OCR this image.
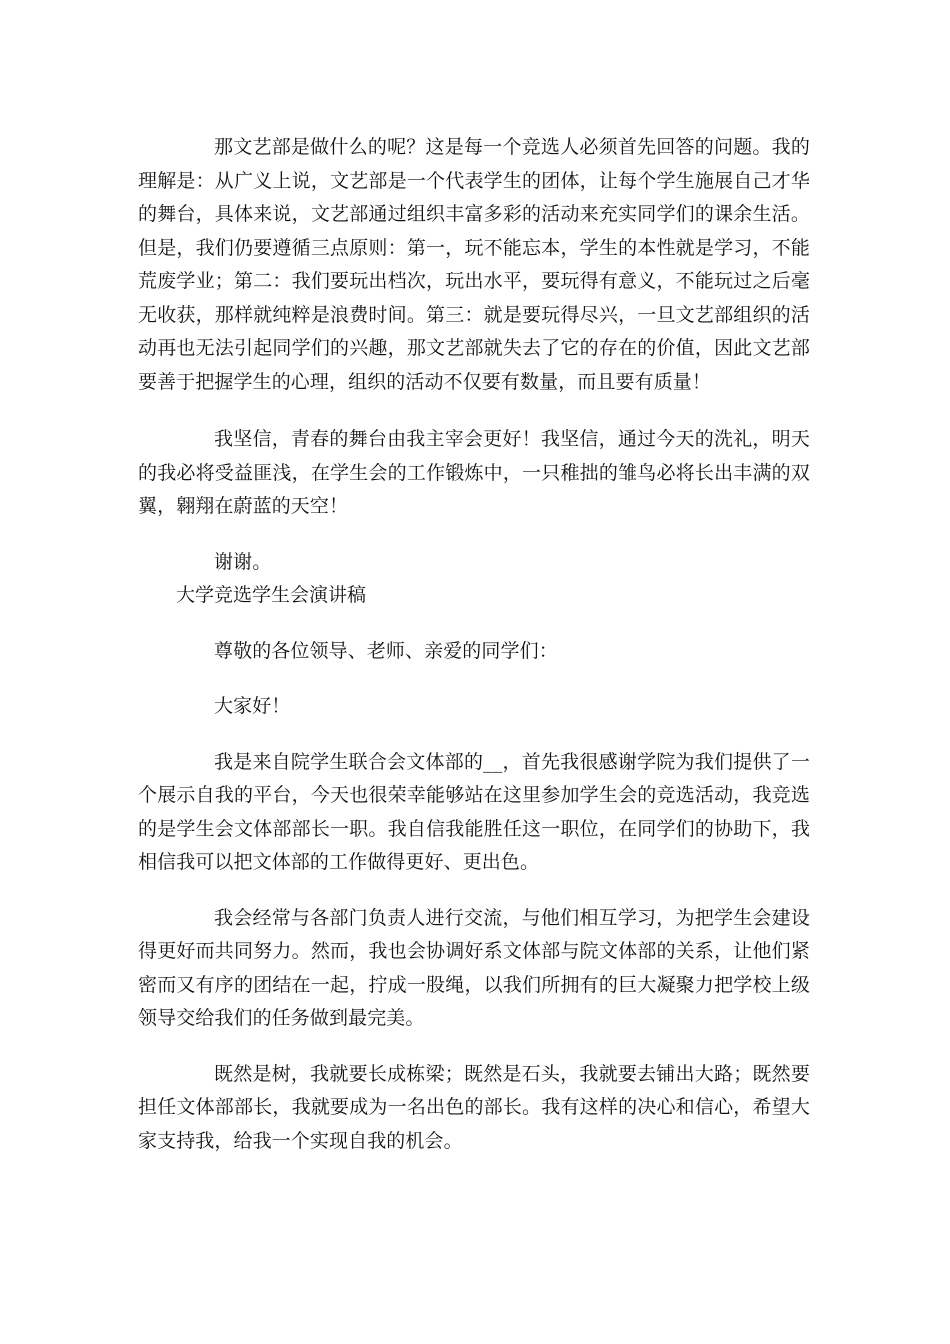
那文艺部是做什么的呢？这是每一个竞选人必须首先回答的问题。我的理解是：从广义上说，文艺部是一个代表学生的团体，让每个学生施展自己才华的舞台，具体来说，文艺部通过组织丰富多彩的活动来充实同学们的课余生活。但是，我们仍要遵循三点原则：第一，玩不能忘本，学生的本性就是学习，不能荒废学业；第二：我们要玩出档次，玩出水平，要玩得有意义，不能玩过之后毫无收获，那样就纯粹是浪费时间。第三：就是要玩得尽兴，一旦文艺部组织的活动再也无法引起同学们的兴趣，那文艺部就失去了它的存在的价值，因此文艺部要善于把握学生的心理，组织的活动不仅要有数量，而且要有质量！

我坚信，青春的舞台由我主宰会更好！我坚信，通过今天的洗礼，明天的我必将受益匪浅，在学生会的工作锻炼中，一只稚拙的雏鸟必将长出丰满的双翼，翱翔在蔚蓝的天空！

谢谢。

大学竞选学生会演讲稿

尊敬的各位领导、老师、亲爱的同学们：

大家好！

我是来自院学生联合会文体部的__，首先我很感谢学院为我们提供了一个展示自我的平台，今天也很荣幸能够站在这里参加学生会的竞选活动，我竞选的是学生会文体部部长一职。我自信我能胜任这一职位，在同学们的协助下，我相信我可以把文体部的工作做得更好、更出色。

我会经常与各部门负责人进行交流，与他们相互学习，为把学生会建设得更好而共同努力。然而，我也会协调好系文体部与院文体部的关系，让他们紧密而又有序的团结在一起，拧成一股绳，以我们所拥有的巨大凝聚力把学校上级领导交给我们的任务做到最完美。

既然是树，我就要长成栋梁；既然是石头，我就要去铺出大路；既然要担任文体部部长，我就要成为一名出色的部长。我有这样的决心和信心，希望大家支持我，给我一个实现自我的机会。
